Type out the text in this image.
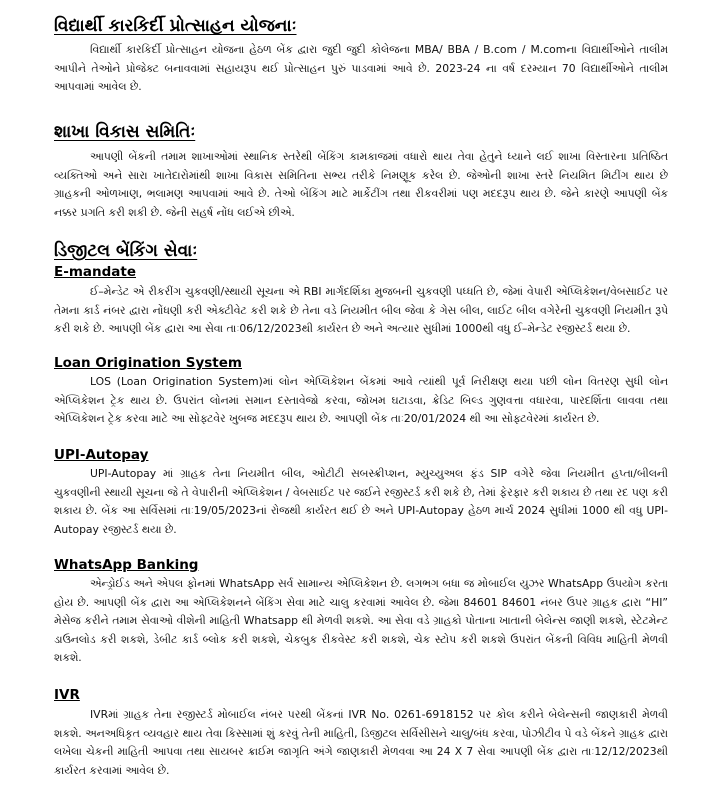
વિદ્યાર્થી કારકિર્દી પ્રોત્સાહન યોજનાઃ

વિદ્યાર્થી કારકિર્દી પ્રોત્સાહન યોજના હેઠળ બેંક દ્વારા જુદી જુદી કોલેજના MBA/ BBA / B.com / M.comના વિદ્યાર્થીઓને તાલીમ આપીને તેઓને પ્રોજેક્ટ બનાવવામાં સહાયરૂપ થઈ પ્રોત્સાહન પુરું પાડવામાં આવે છે. 2023-24 ના વર્ષ દરમ્યાન 70 વિદ્યાર્થીઓને તાલીમ આપવામાં આવેલ છે.

શાખા વિકાસ સમિતિઃ

આપણી બેંકની તમામ શાખાઓમાં સ્થાનિક સ્તરેથી બેંકિંગ કામકાજમાં વધારો થાય તેવા હેતુને ધ્યાને લઈ શાખા વિસ્તારના પ્રતિષ્ઠિત વ્યક્તિઓ અને સારા ખાતેદારોમાંથી શાખા વિકાસ સમિતિના સભ્ય તરીકે નિમણૂક કરેલ છે. જેઓની શાખા સ્તરે નિયમિત મિટીંગ થાય છે ગ્રાહકની ઓળખાણ, ભલામણ આપવામાં આવે છે. તેઓ બેંકિંગ માટે માર્કેટીંગ તથા રીકવરીમાં પણ મદદરૂપ થાય છે. જેને કારણે આપણી બેંક નક્કર પ્રગતિ કરી શકી છે. જેની સહર્ષ નોંધ લઈએ છીએ.

ડિજીટલ બેંકિંગ સેવાઃ
E-mandate

ઈ–મેન્ડેટ એ રીકરીંગ ચુકવણી/સ્થાયી સૂચના એ RBI માર્ગદર્શિકા મુજબની ચુકવણી પધ્ધતિ છે, જેમાં વેપારી એપ્લિકેશન/વેબસાઈટ પર તેમના કાર્ડ નંબર દ્વારા નોંધણી કરી એક્ટીવેટ કરી શકે છે તેના વડે નિયમીત બીલ જેવા કે ગેસ બીલ, લાઈટ બીલ વગેરેની ચુકવણી નિયમીત રૂપે કરી શકે છે. આપણી બેંક દ્વારા આ સેવા તાઃ06/12/2023થી કાર્યરત છે અને અત્યાર સુધીમાં 1000થી વધુ ઈ–મેન્ડેટ રજીસ્ટર્ડ થયા છે.

Loan Origination System

LOS (Loan Origination System)માં લોન એપ્લિકેશન બેંકમાં આવે ત્યાંથી પૂર્વ નિરીક્ષણ થયા પછી લોન વિતરણ સુધી લોન એપ્લિકેશન ટ્રેક થાય છે. ઉપરાંત લોનમાં સમાન દસ્તાવેજો કરવા, જોખમ ઘટાડવા, ક્રેડિટ બિલ્ડ ગુણવત્તા વધારવા, પારદર્શિતા લાવવા તથા એપ્લિકેશન ટ્રેક કરવા માટે આ સોફ્ટવેર ખુબજ મદદરૂપ થાય છે. આપણી બેંક તાઃ20/01/2024 થી આ સોફ્ટવેરમાં કાર્યરત છે.

UPI-Autopay

UPI-Autopay માં ગ્રાહક તેના નિયમીત બીલ, ઓટીટી સબસ્ક્રીપ્શન, મ્યુચ્યુઅલ ફંડ SIP વગેરે જેવા નિયમીત હપ્તા/બીલની ચુકવણીની સ્થાયી સૂચના જે તે વેપારીની એપ્લિકેશન / વેબસાઈટ પર જઈને રજીસ્ટર્ડ કરી શકે છે, તેમાં ફેરફાર કરી શકાય છે તથા રદ પણ કરી શકાય છે. બેંક આ સર્વિસમાં તાઃ19/05/2023નાં રોજથી કાર્યરત થઈ છે અને UPI-Autopay હેઠળ માર્ચ 2024 સુધીમાં 1000 થી વધુ UPI-Autopay રજીસ્ટર્ડ થયા છે.

WhatsApp Banking

એન્ડ્રોઈડ અને એપલ ફોનમાં WhatsApp સર્વ સામાન્ય એપ્લિકેશન છે. લગભગ બધા જ મોબાઈલ યુઝર WhatsApp ઉપયોગ કરતા હોય છે. આપણી બેંક દ્વારા આ એપ્લિકેશનને બેંકિંગ સેવા માટે ચાલુ કરવામાં આવેલ છે. જેમા 84601 84601 નંબર ઉપર ગ્રાહક દ્વારા “HI” મેસેજ કરીને તમામ સેવાઓ વીશેની માહિતી Whatsapp થી મેળવી શકશે. આ સેવા વડે ગ્રાહકો પોતાના ખાતાની બેલેન્સ જાણી શકશે, સ્ટેટમેન્ટ ડાઉનલોડ કરી શકશે, ડેબીટ કાર્ડ બ્લોક કરી શકશે, ચેકબુક રીકવેસ્ટ કરી શકશે, ચેક સ્ટોપ કરી શકશે ઉપરાંત બેંકની વિવિધ માહિતી મેળવી શકશે.

IVR

IVRમાં ગ્રાહક તેના રજીસ્ટર્ડ મોબાઈલ નંબર પરથી બેંકનાં IVR No. 0261-6918152 પર કોલ કરીને બેલેન્સની જાણકારી મેળવી શકશે. અનઅધિકૃત વ્યવહાર થાય તેવા કિસ્સામાં શું કરવું તેની માહિતી, ડિજીટલ સર્વિસીસને ચાલુ/બંધ કરવા, પોઝીટીવ પે વડે બેંકને ગ્રાહક દ્વારા લખેલા ચેકની માહિતી આપવા તથા સાયબર ક્રાઈમ જાગૃતિ અંગે જાણકારી મેળવવા આ 24 X 7 સેવા આપણી બેંક દ્વારા તાઃ12/12/2023થી કાર્યરત કરવામાં આવેલ છે.
